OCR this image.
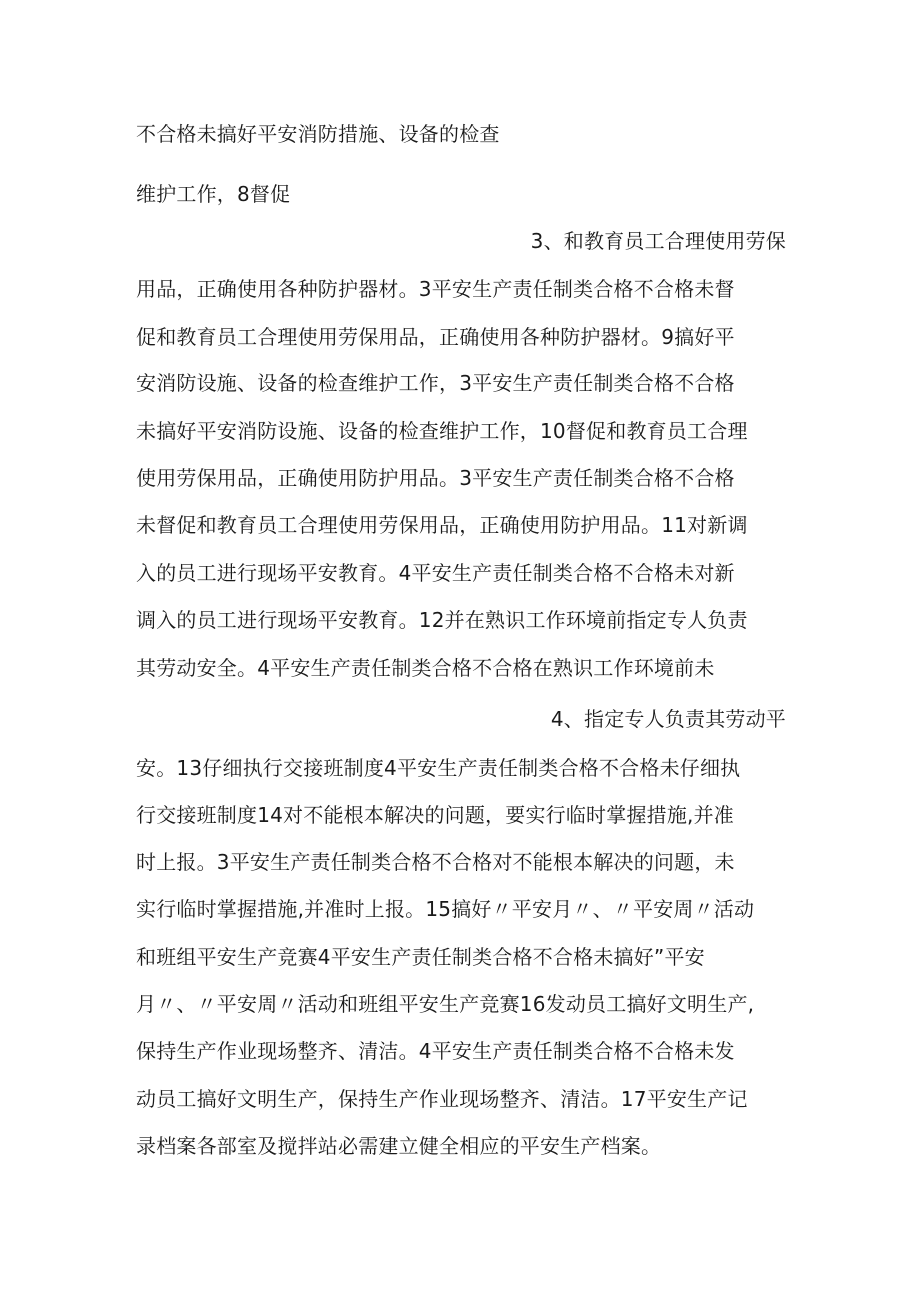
不合格未搞好平安消防措施、设备的检查
维护工作，8督促
3、和教育员工合理使用劳保
用品，正确使用各种防护器材。3平安生产责任制类合格不合格未督
促和教育员工合理使用劳保用品，正确使用各种防护器材。9搞好平
安消防设施、设备的检查维护工作，3平安生产责任制类合格不合格
未搞好平安消防设施、设备的检查维护工作，10督促和教育员工合理
使用劳保用品，正确使用防护用品。3平安生产责任制类合格不合格
未督促和教育员工合理使用劳保用品，正确使用防护用品。11对新调
入的员工进行现场平安教育。4平安生产责任制类合格不合格未对新
调入的员工进行现场平安教育。12并在熟识工作环境前指定专人负责
其劳动安全。4平安生产责任制类合格不合格在熟识工作环境前未
4、指定专人负责其劳动平
安。13仔细执行交接班制度4平安生产责任制类合格不合格未仔细执
行交接班制度14对不能根本解决的问题，要实行临时掌握措施,并准
时上报。3平安生产责任制类合格不合格对不能根本解决的问题，未
实行临时掌握措施,并准时上报。15搞好〃平安月〃、〃平安周〃活动
和班组平安生产竞赛4平安生产责任制类合格不合格未搞好”平安
月〃、〃平安周〃活动和班组平安生产竞赛16发动员工搞好文明生产,
保持生产作业现场整齐、清洁。4平安生产责任制类合格不合格未发
动员工搞好文明生产，保持生产作业现场整齐、清洁。17平安生产记
录档案各部室及搅拌站必需建立健全相应的平安生产档案。
